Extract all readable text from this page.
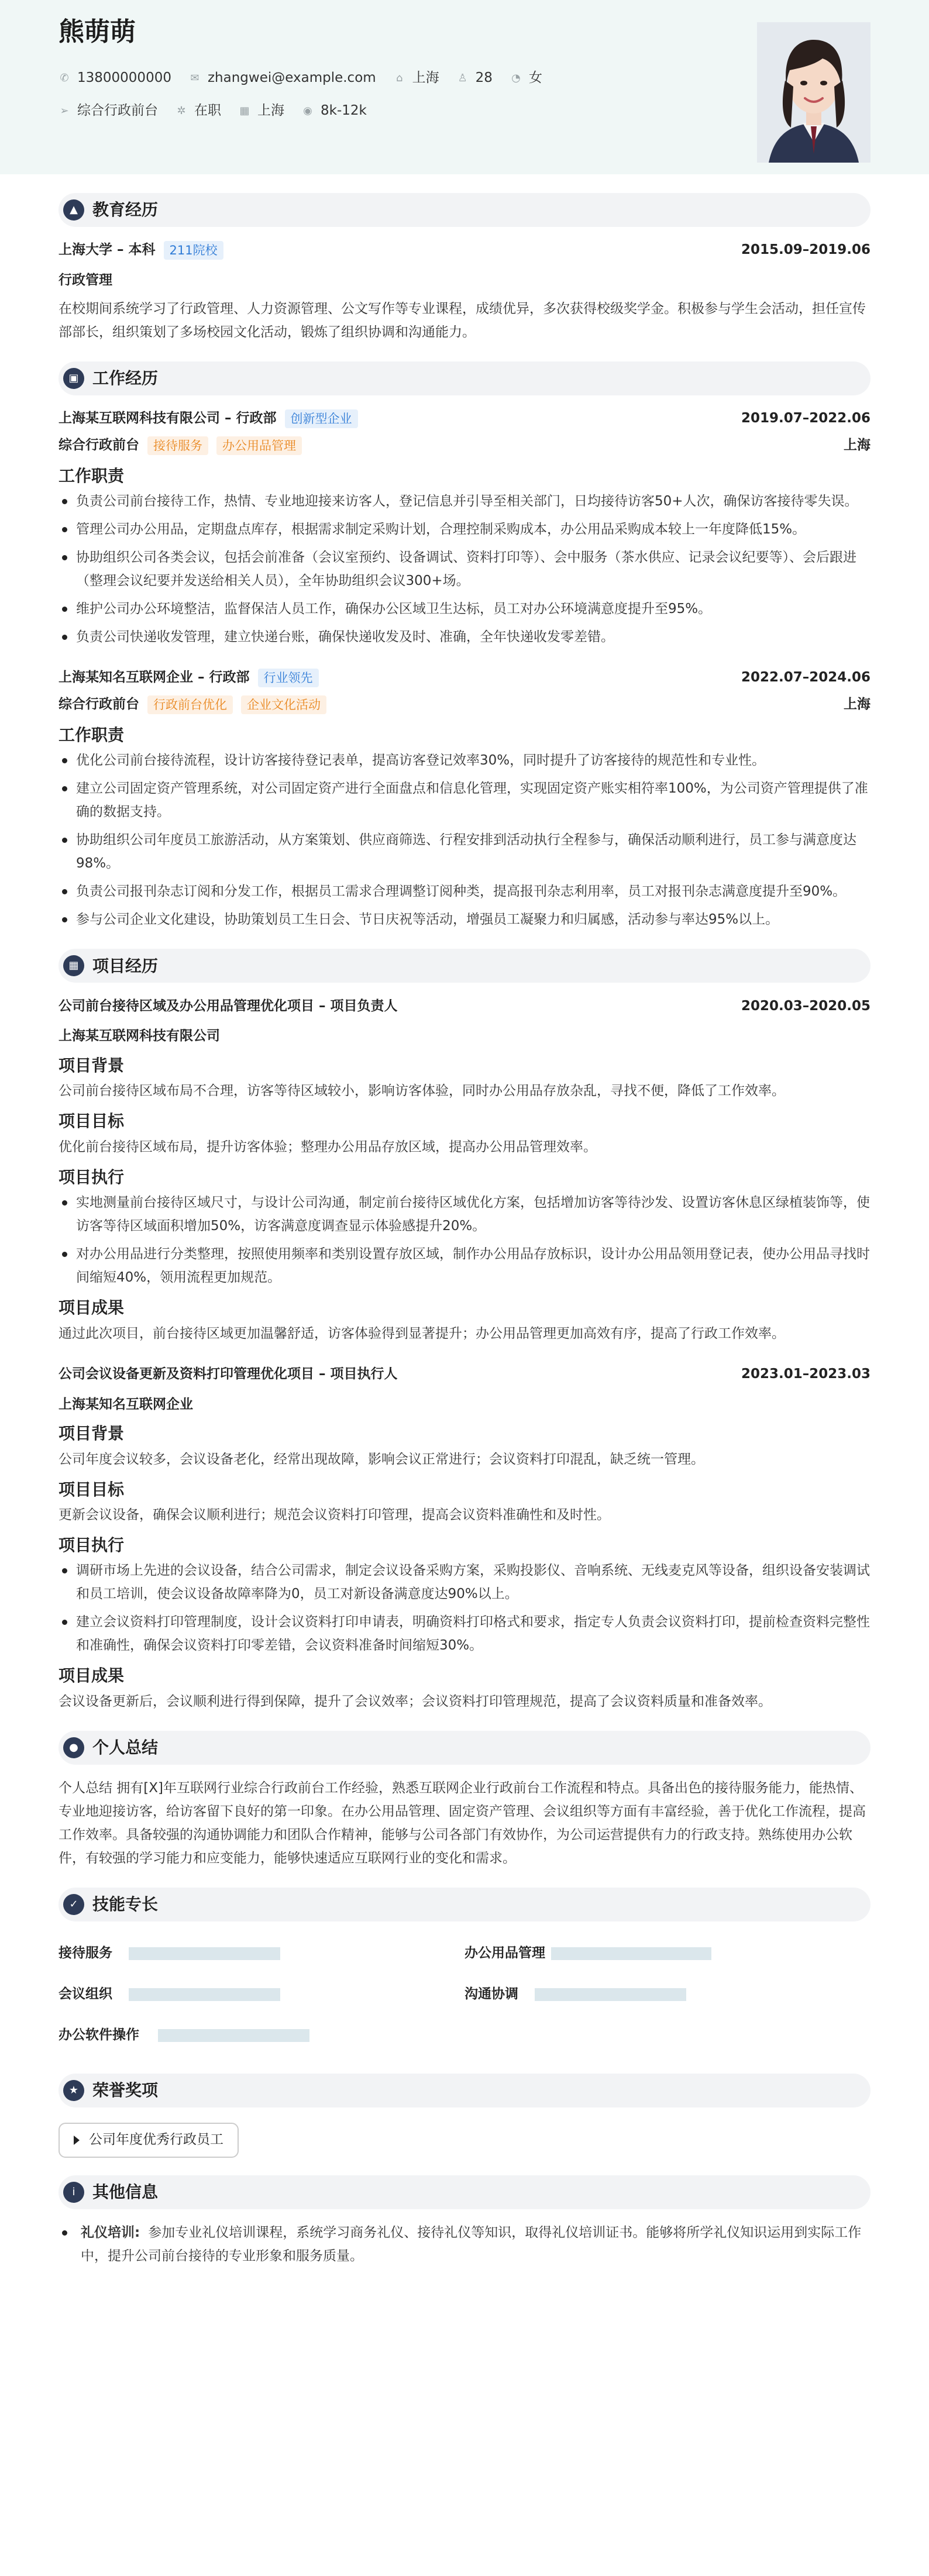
熊萌萌
✆ 13800000000 ✉ zhangwei@example.com ⌂ 上海 ♙ 28 ◔ 女
➢ 综合行政前台 ✲ 在职 ▦ 上海 ◉ 8k-12k
▲ 教育经历
上海大学 – 本科	211院校	2015.09–2019.06
行政管理
在校期间系统学习了行政管理、人力资源管理、公文写作等专业课程，成绩优异，多次获得校级奖学金。积极参与学生会活动，担任宣传部部长，组织策划了多场校园文化活动，锻炼了组织协调和沟通能力。
▣ 工作经历
上海某互联网科技有限公司 – 行政部	创新型企业	2019.07–2022.06
综合行政前台	接待服务	办公用品管理	上海
工作职责
负责公司前台接待工作，热情、专业地迎接来访客人，登记信息并引导至相关部门，日均接待访客50+人次，确保访客接待零失误。
管理公司办公用品，定期盘点库存，根据需求制定采购计划，合理控制采购成本，办公用品采购成本较上一年度降低15%。
协助组织公司各类会议，包括会前准备（会议室预约、设备调试、资料打印等）、会中服务（茶水供应、记录会议纪要等）、会后跟进（整理会议纪要并发送给相关人员），全年协助组织会议300+场。
维护公司办公环境整洁，监督保洁人员工作，确保办公区域卫生达标，员工对办公环境满意度提升至95%。
负责公司快递收发管理，建立快递台账，确保快递收发及时、准确，全年快递收发零差错。
上海某知名互联网企业 – 行政部	行业领先	2022.07–2024.06
综合行政前台	行政前台优化	企业文化活动	上海
工作职责
优化公司前台接待流程，设计访客接待登记表单，提高访客登记效率30%，同时提升了访客接待的规范性和专业性。
建立公司固定资产管理系统，对公司固定资产进行全面盘点和信息化管理，实现固定资产账实相符率100%，为公司资产管理提供了准确的数据支持。
协助组织公司年度员工旅游活动，从方案策划、供应商筛选、行程安排到活动执行全程参与，确保活动顺利进行，员工参与满意度达98%。
负责公司报刊杂志订阅和分发工作，根据员工需求合理调整订阅种类，提高报刊杂志利用率，员工对报刊杂志满意度提升至90%。
参与公司企业文化建设，协助策划员工生日会、节日庆祝等活动，增强员工凝聚力和归属感，活动参与率达95%以上。
▦ 项目经历
公司前台接待区域及办公用品管理优化项目 – 项目负责人	2020.03–2020.05
上海某互联网科技有限公司
项目背景
公司前台接待区域布局不合理，访客等待区域较小，影响访客体验，同时办公用品存放杂乱，寻找不便，降低了工作效率。
项目目标
优化前台接待区域布局，提升访客体验；整理办公用品存放区域，提高办公用品管理效率。
项目执行
实地测量前台接待区域尺寸，与设计公司沟通，制定前台接待区域优化方案，包括增加访客等待沙发、设置访客休息区绿植装饰等，使访客等待区域面积增加50%，访客满意度调查显示体验感提升20%。
对办公用品进行分类整理，按照使用频率和类别设置存放区域，制作办公用品存放标识，设计办公用品领用登记表，使办公用品寻找时间缩短40%，领用流程更加规范。
项目成果
通过此次项目，前台接待区域更加温馨舒适，访客体验得到显著提升；办公用品管理更加高效有序，提高了行政工作效率。
公司会议设备更新及资料打印管理优化项目 – 项目执行人	2023.01–2023.03
上海某知名互联网企业
项目背景
公司年度会议较多，会议设备老化，经常出现故障，影响会议正常进行；会议资料打印混乱，缺乏统一管理。
项目目标
更新会议设备，确保会议顺利进行；规范会议资料打印管理，提高会议资料准确性和及时性。
项目执行
调研市场上先进的会议设备，结合公司需求，制定会议设备采购方案，采购投影仪、音响系统、无线麦克风等设备，组织设备安装调试和员工培训，使会议设备故障率降为0，员工对新设备满意度达90%以上。
建立会议资料打印管理制度，设计会议资料打印申请表，明确资料打印格式和要求，指定专人负责会议资料打印，提前检查资料完整性和准确性，确保会议资料打印零差错，会议资料准备时间缩短30%。
项目成果
会议设备更新后，会议顺利进行得到保障，提升了会议效率；会议资料打印管理规范，提高了会议资料质量和准备效率。
● 个人总结
个人总结 拥有[X]年互联网行业综合行政前台工作经验，熟悉互联网企业行政前台工作流程和特点。具备出色的接待服务能力，能热情、专业地迎接访客，给访客留下良好的第一印象。在办公用品管理、固定资产管理、会议组织等方面有丰富经验，善于优化工作流程，提高工作效率。具备较强的沟通协调能力和团队合作精神，能够与公司各部门有效协作，为公司运营提供有力的行政支持。熟练使用办公软件，有较强的学习能力和应变能力，能够快速适应互联网行业的变化和需求。
✓ 技能专长
接待服务	办公用品管理
会议组织	沟通协调
办公软件操作
★ 荣誉奖项
公司年度优秀行政员工
i	其他信息
礼仪培训: 参加专业礼仪培训课程，系统学习商务礼仪、接待礼仪等知识，取得礼仪培训证书。能够将所学礼仪知识运用到实际工作中，提升公司前台接待的专业形象和服务质量。
